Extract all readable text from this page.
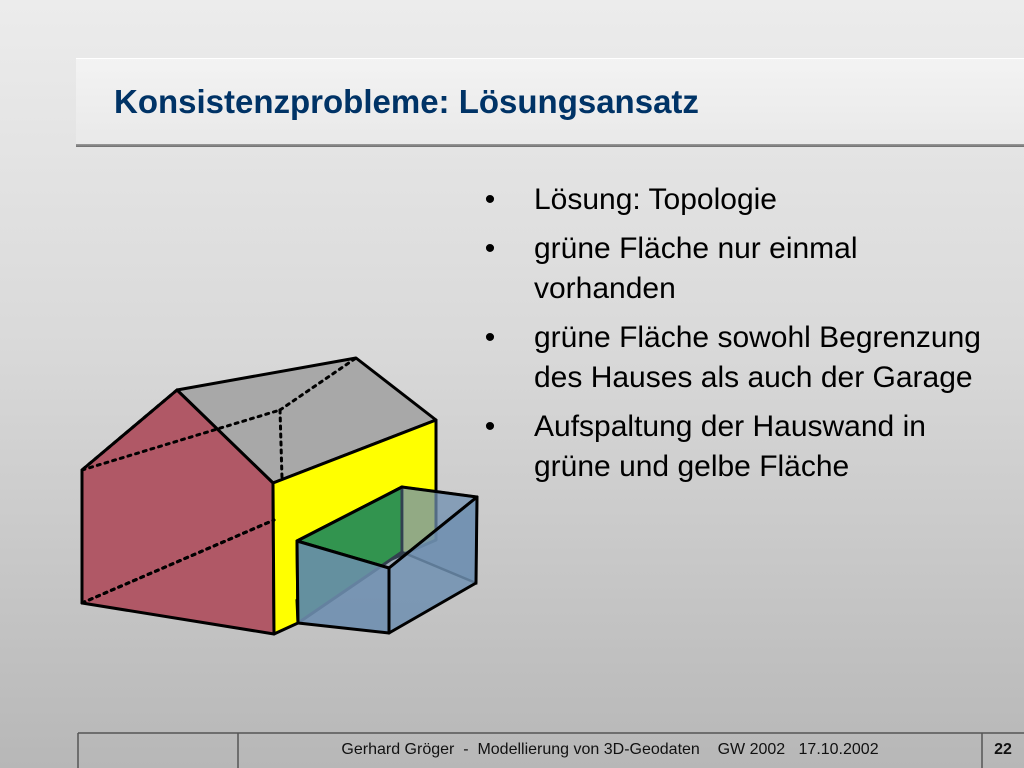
Konsistenzprobleme: Lösungsansatz
• Lösung: Topologie
• grüne Fläche nur einmal vorhanden
• grüne Fläche sowohl Begrenzung des Hauses als auch der Garage
• Aufspaltung der Hauswand in grüne und gelbe Fläche
Gerhard Gröger  -  Modellierung von 3D-Geodaten    GW 2002   17.10.2002	22
